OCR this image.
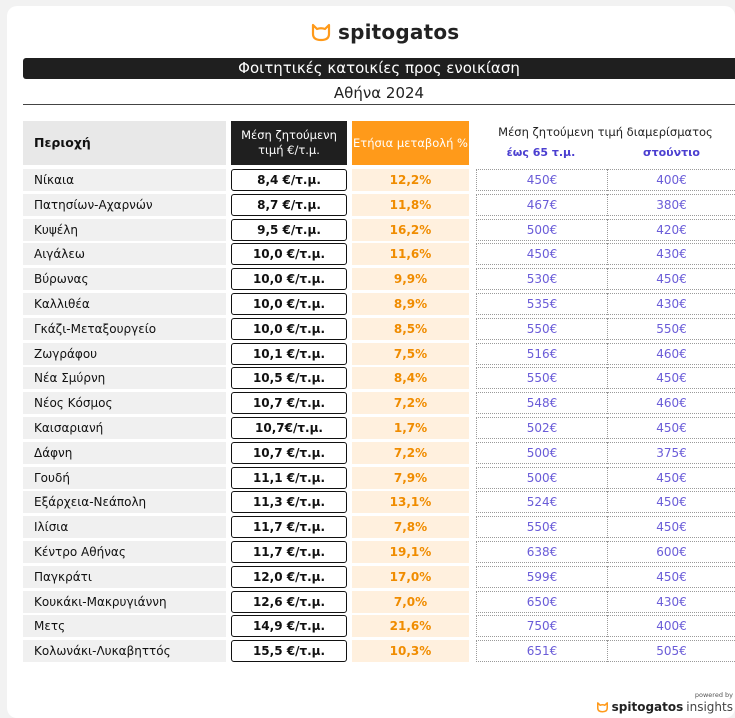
spitogatos
Φοιτητικές κατοικίες προς ενοικίαση
Αθήνα 2024
Περιοχή	Μέση ζητούμενη τιμή €/τ.μ.	Ετήσια μεταβολή %
Μέση ζητούμενη τιμή διαμερίσματος
έως 65 τ.μ.	στούντιο
Νίκαια	8,4 €/τ.μ.	12,2%	450€	400€
Πατησίων-Αχαρνών	8,7 €/τ.μ.	11,8%	467€	380€
Κυψέλη	9,5 €/τ.μ.	16,2%	500€	420€
Αιγάλεω	10,0 €/τ.μ.	11,6%	450€	430€
Βύρωνας	10,0 €/τ.μ.	9,9%	530€	450€
Καλλιθέα	10,0 €/τ.μ.	8,9%	535€	430€
Γκάζι-Μεταξουργείο	10,0 €/τ.μ.	8,5%	550€	550€
Ζωγράφου	10,1 €/τ.μ.	7,5%	516€	460€
Νέα Σμύρνη	10,5 €/τ.μ.	8,4%	550€	450€
Νέος Κόσμος	10,7 €/τ.μ.	7,2%	548€	460€
Καισαριανή	10,7€/τ.μ.	1,7%	502€	450€
Δάφνη	10,7 €/τ.μ.	7,2%	500€	375€
Γουδή	11,1 €/τ.μ.	7,9%	500€	450€
Εξάρχεια-Νεάπολη	11,3 €/τ.μ.	13,1%	524€	450€
Ιλίσια	11,7 €/τ.μ.	7,8%	550€	450€
Κέντρο Αθήνας	11,7 €/τ.μ.	19,1%	638€	600€
Παγκράτι	12,0 €/τ.μ.	17,0%	599€	450€
Κουκάκι-Μακρυγιάννη	12,6 €/τ.μ.	7,0%	650€	430€
Μετς	14,9 €/τ.μ.	21,6%	750€	400€
Κολωνάκι-Λυκαβηττός	15,5 €/τ.μ.	10,3%	651€	505€
powered by
spitogatos insights
